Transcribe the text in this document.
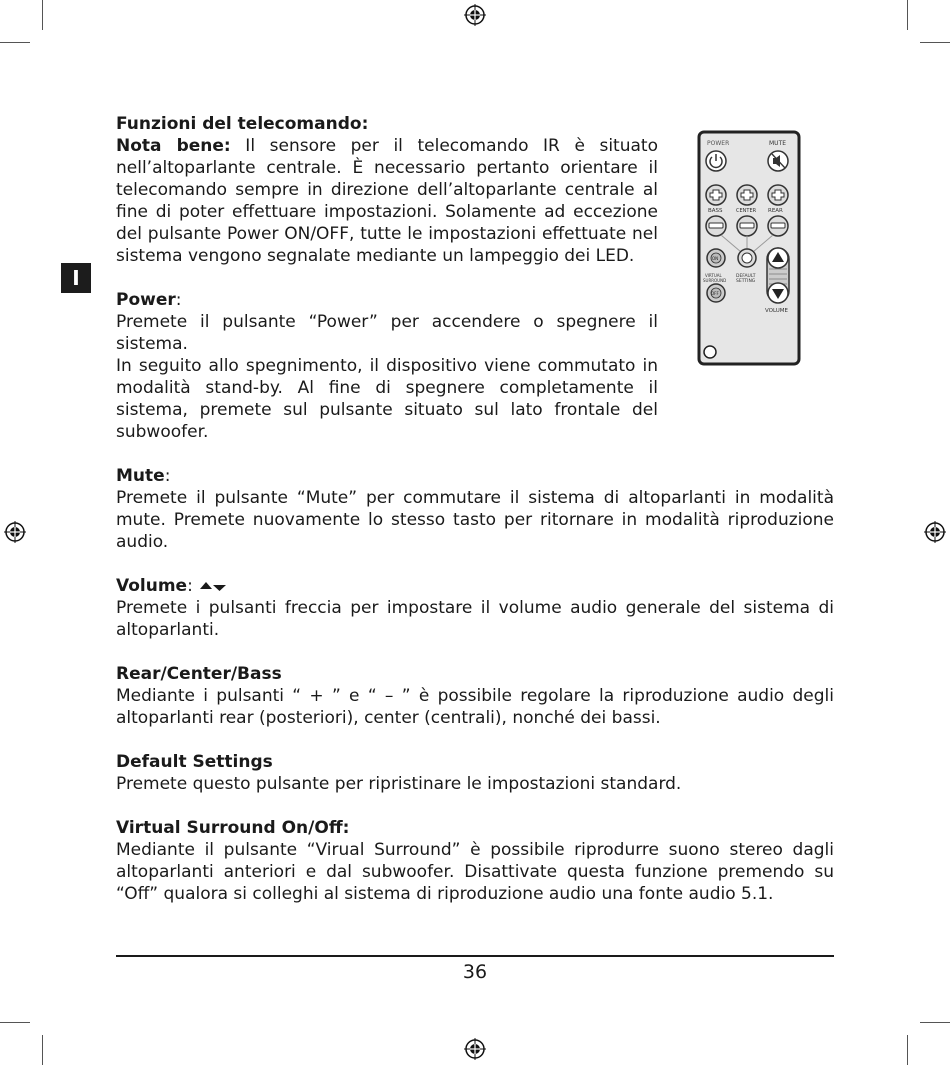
I
POWER	MUTE
BASS	CENTER REAR
ON
VIRTUAL
SURROUND
DEFAULT
SETTING
OFF
VOLUME

Funzioni del telecomando:

Nota bene: Il sensore per il telecomando IR è situato nell’altoparlante centrale. È necessario pertanto orientare il telecomando sempre in direzione dell’altoparlante centrale al fine di poter effettuare impostazioni. Solamente ad eccezione del pulsante Power ON/OFF, tutte le impostazioni effettuate nel sistema vengono segnalate mediante un lampeggio dei LED.

Power:

Premete il pulsante “Power” per accendere o spegnere il sistema.

In seguito allo spegnimento, il dispositivo viene commutato in modalità stand-by. Al fine di spegnere completamente il sistema, premete sul pulsante situato sul lato frontale del subwoofer.

Mute:

Premete il pulsante “Mute” per commutare il sistema di altoparlanti in modalità mute. Premete nuovamente lo stesso tasto per ritornare in modalità riproduzione audio.

Volume:

Premete i pulsanti freccia per impostare il volume audio generale del sistema di altoparlanti.

Rear/Center/Bass

Mediante i pulsanti “ + ” e “ – ” è possibile regolare la riproduzione audio degli altoparlanti rear (posteriori), center (centrali), nonché dei bassi.

Default Settings

Premete questo pulsante per ripristinare le impostazioni standard.

Virtual Surround On/Off:

Mediante il pulsante “Virual Surround” è possibile riprodurre suono stereo dagli altoparlanti anteriori e dal subwoofer. Disattivate questa funzione premendo su “Off” qualora si colleghi al sistema di riproduzione audio una fonte audio 5.1.

36
